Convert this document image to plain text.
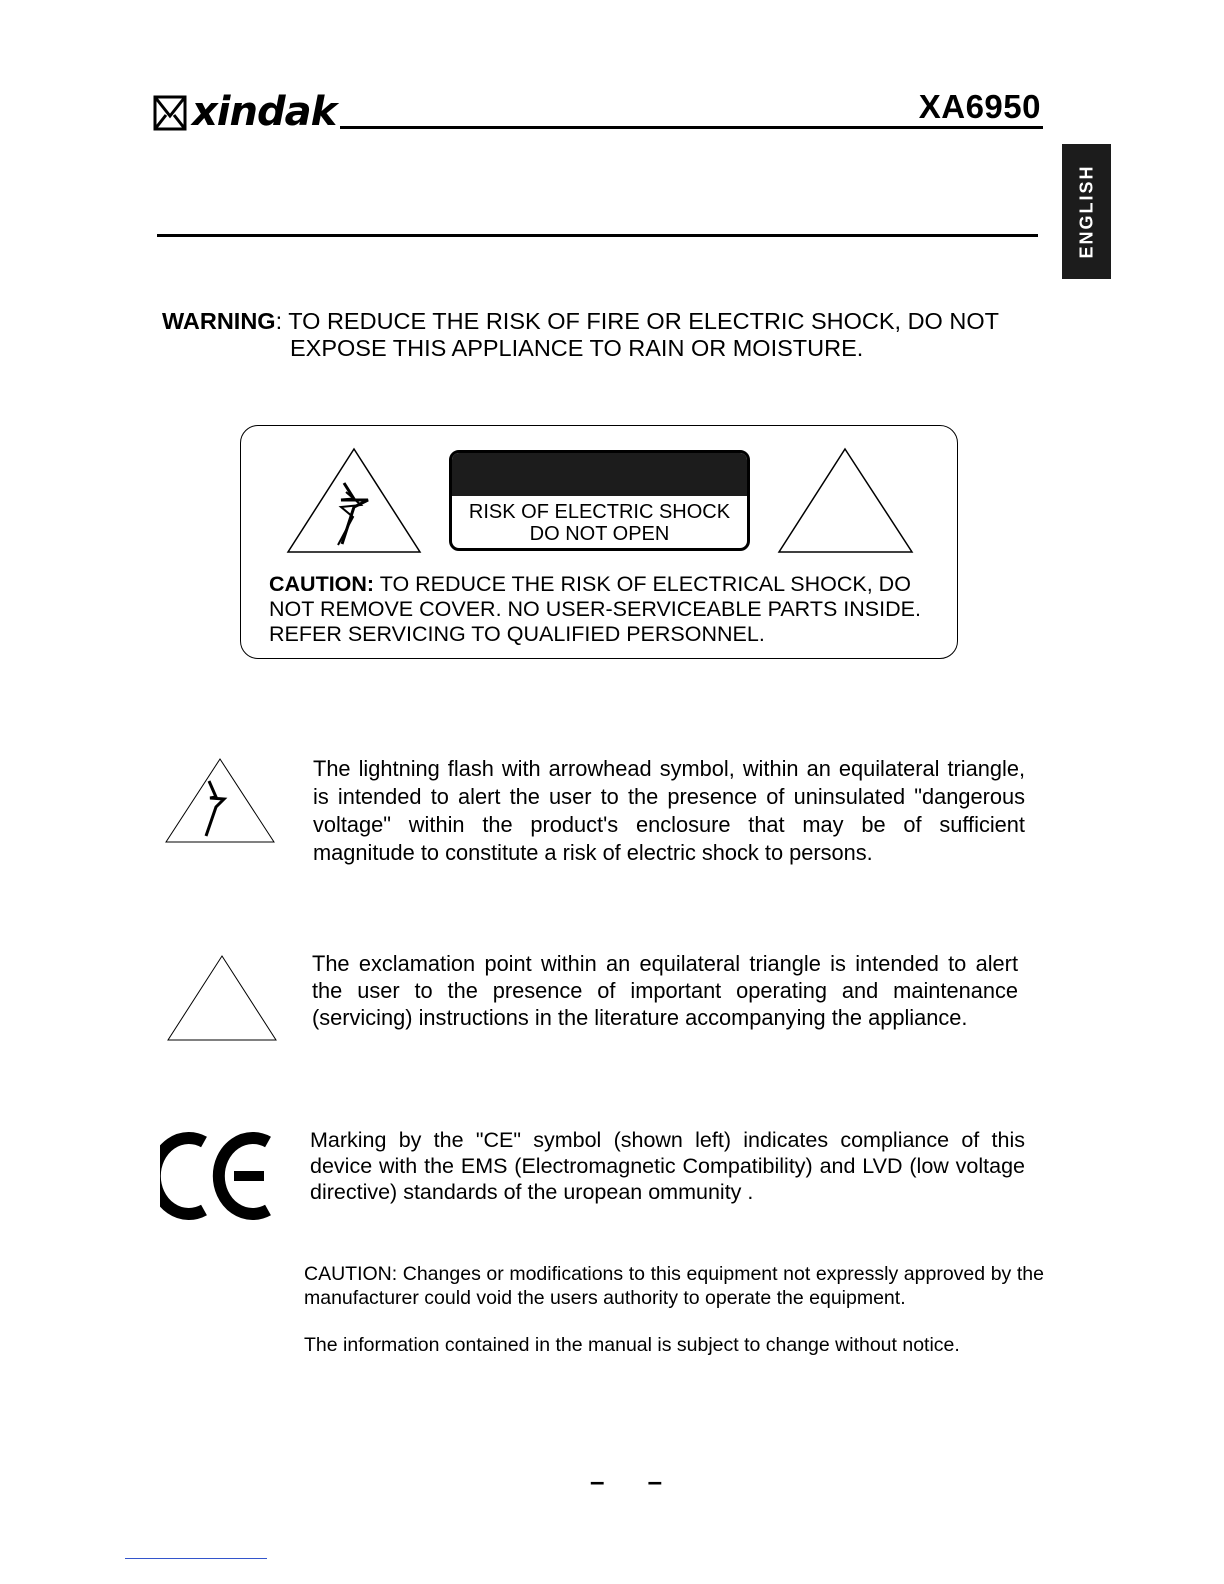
xindak	XA6950
ENGLISH
WARNING: TO REDUCE THE RISK OF FIRE OR ELECTRIC SHOCK, DO NOT
EXPOSE THIS APPLIANCE TO RAIN OR MOISTURE.
RISK OF ELECTRIC SHOCK
DO NOT OPEN
CAUTION: TO REDUCE THE RISK OF ELECTRICAL SHOCK, DO NOT REMOVE COVER. NO USER-SERVICEABLE PARTS INSIDE. REFER SERVICING TO QUALIFIED PERSONNEL.
The lightning flash with arrowhead symbol, within an equilateral triangle, is intended to alert the user to the presence of uninsulated "dangerous voltage" within the product's enclosure that may be of sufficient magnitude to constitute a risk of electric shock to persons.
The exclamation point within an equilateral triangle is intended to alert the user to the presence of important operating and maintenance (servicing) instructions in the literature accompanying the appliance.
Marking by the "CE" symbol (shown left) indicates compliance of this device with the EMS (Electromagnetic Compatibility) and LVD (low voltage directive) standards of the uropean ommunity .
CAUTION: Changes or modifications to this equipment not expressly approved by the manufacturer could void the users authority to operate the equipment.
The information contained in the manual is subject to change without notice.
– –
